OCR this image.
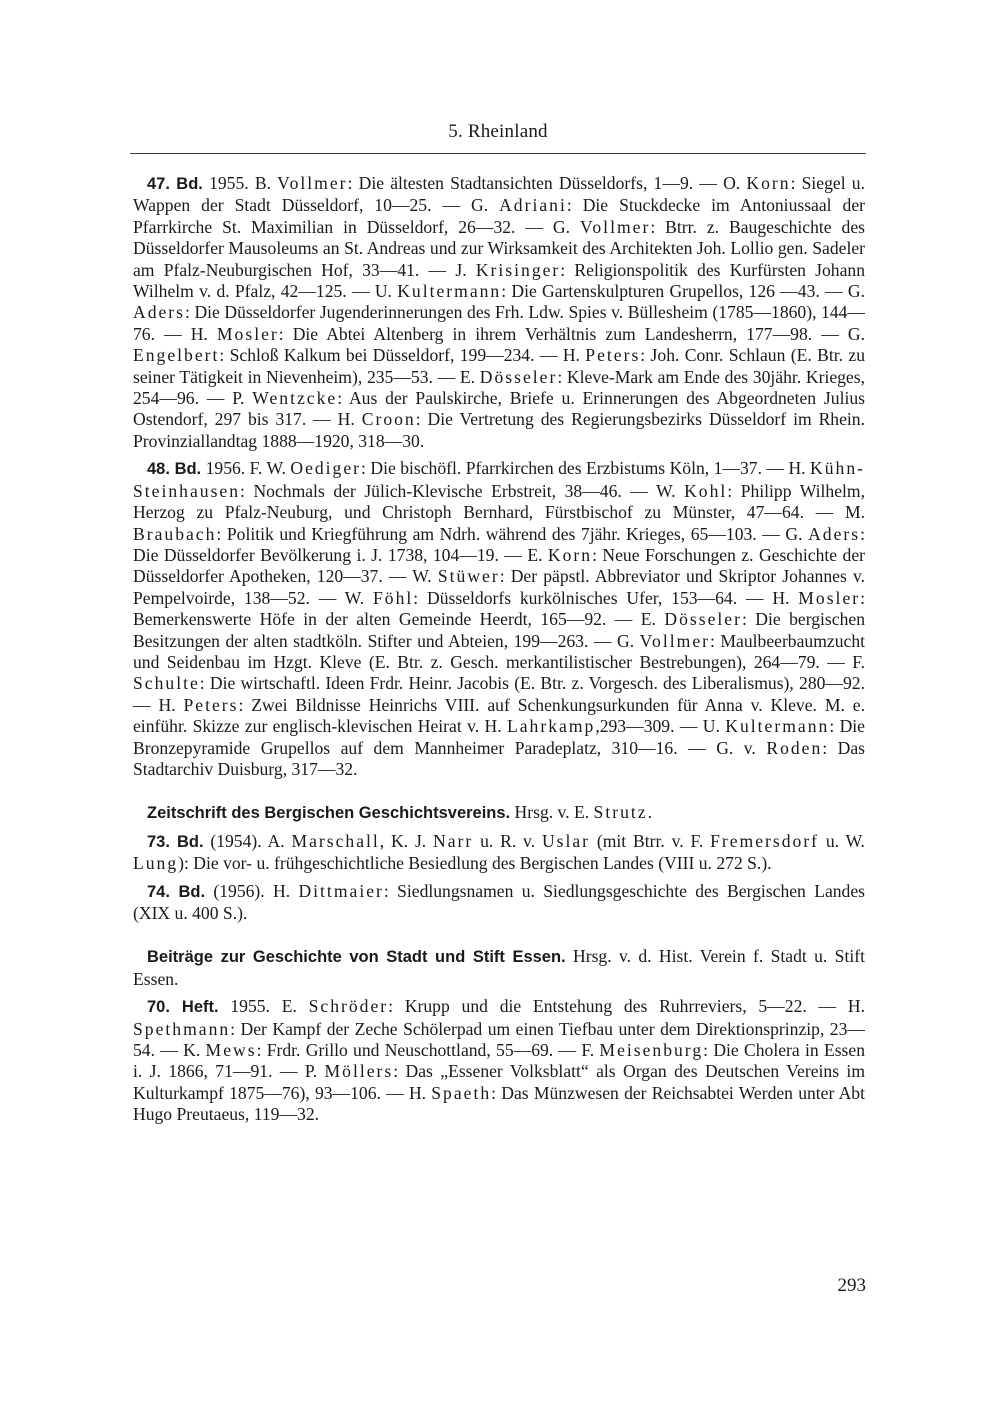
5. Rheinland

47. Bd. 1955. B. Vollmer: Die ältesten Stadtansichten Düsseldorfs, 1—9. — O. Korn: Siegel u. Wappen der Stadt Düsseldorf, 10—25. — G. Adriani: Die Stuckdecke im Antoniussaal der Pfarrkirche St. Maximilian in Düsseldorf, 26—32. — G. Vollmer: Btrr. z. Baugeschichte des Düsseldorfer Mausoleums an St. Andreas und zur Wirksamkeit des Architekten Joh. Lollio gen. Sadeler am Pfalz-Neuburgischen Hof, 33—41. — J. Krisinger: Religionspolitik des Kurfürsten Johann Wilhelm v. d. Pfalz, 42—125. — U. Kultermann: Die Gartenskulpturen Grupellos, 126 —43. — G. Aders: Die Düsseldorfer Jugenderinnerungen des Frh. Ldw. Spies v. Büllesheim (1785—1860), 144—76. — H. Mosler: Die Abtei Altenberg in ihrem Verhältnis zum Landesherrn, 177—98. — G. Engelbert: Schloß Kalkum bei Düsseldorf, 199—234. — H. Peters: Joh. Conr. Schlaun (E. Btr. zu seiner Tätigkeit in Nievenheim), 235—53. — E. Dösseler: Kleve-Mark am Ende des 30jähr. Krieges, 254—96. — P. Wentzcke: Aus der Paulskirche, Briefe u. Erinnerungen des Abgeordneten Julius Ostendorf, 297 bis 317. — H. Croon: Die Vertretung des Regierungsbezirks Düsseldorf im Rhein. Provinziallandtag 1888—1920, 318—30.

48. Bd. 1956. F. W. Oediger: Die bischöfl. Pfarrkirchen des Erzbistums Köln, 1—37. — H. Kühn-Steinhausen: Nochmals der Jülich-Klevische Erbstreit, 38—46. — W. Kohl: Philipp Wilhelm, Herzog zu Pfalz-Neuburg, und Christoph Bernhard, Fürstbischof zu Münster, 47—64. — M. Braubach: Politik und Kriegführung am Ndrh. während des 7jähr. Krieges, 65—103. — G. Aders: Die Düsseldorfer Bevölkerung i. J. 1738, 104—19. — E. Korn: Neue Forschungen z. Geschichte der Düsseldorfer Apotheken, 120—37. — W. Stüwer: Der päpstl. Abbreviator und Skriptor Johannes v. Pempelvoirde, 138—52. — W. Föhl: Düsseldorfs kurkölnisches Ufer, 153—64. — H. Mosler: Bemerkenswerte Höfe in der alten Gemeinde Heerdt, 165—92. — E. Dösseler: Die bergischen Besitzungen der alten stadtköln. Stifter und Abteien, 199—263. — G. Vollmer: Maulbeerbaumzucht und Seidenbau im Hzgt. Kleve (E. Btr. z. Gesch. merkantilistischer Bestrebungen), 264—79. — F. Schulte: Die wirtschaftl. Ideen Frdr. Heinr. Jacobis (E. Btr. z. Vorgesch. des Liberalismus), 280—92. — H. Peters: Zwei Bildnisse Heinrichs VIII. auf Schenkungsurkunden für Anna v. Kleve. M. e. einführ. Skizze zur englisch-klevischen Heirat v. H. Lahrkamp,293—309. — U. Kultermann: Die Bronzepyramide Grupellos auf dem Mannheimer Paradeplatz, 310—16. — G. v. Roden: Das Stadtarchiv Duisburg, 317—32.

Zeitschrift des Bergischen Geschichtsvereins. Hrsg. v. E. Strutz.

73. Bd. (1954). A. Marschall, K. J. Narr u. R. v. Uslar (mit Btrr. v. F. Fremersdorf u. W. Lung): Die vor- u. frühgeschichtliche Besiedlung des Bergischen Landes (VIII u. 272 S.).

74. Bd. (1956). H. Dittmaier: Siedlungsnamen u. Siedlungsgeschichte des Bergischen Landes (XIX u. 400 S.).

Beiträge zur Geschichte von Stadt und Stift Essen. Hrsg. v. d. Hist. Verein f. Stadt u. Stift Essen.

70. Heft. 1955. E. Schröder: Krupp und die Entstehung des Ruhrreviers, 5—22. — H. Spethmann: Der Kampf der Zeche Schölerpad um einen Tiefbau unter dem Direktionsprinzip, 23—54. — K. Mews: Frdr. Grillo und Neuschottland, 55—69. — F. Meisenburg: Die Cholera in Essen i. J. 1866, 71—91. — P. Möllers: Das „Essener Volksblatt“ als Organ des Deutschen Vereins im Kulturkampf 1875—76), 93—106. — H. Spaeth: Das Münzwesen der Reichsabtei Werden unter Abt Hugo Preutaeus, 119—32.

293
